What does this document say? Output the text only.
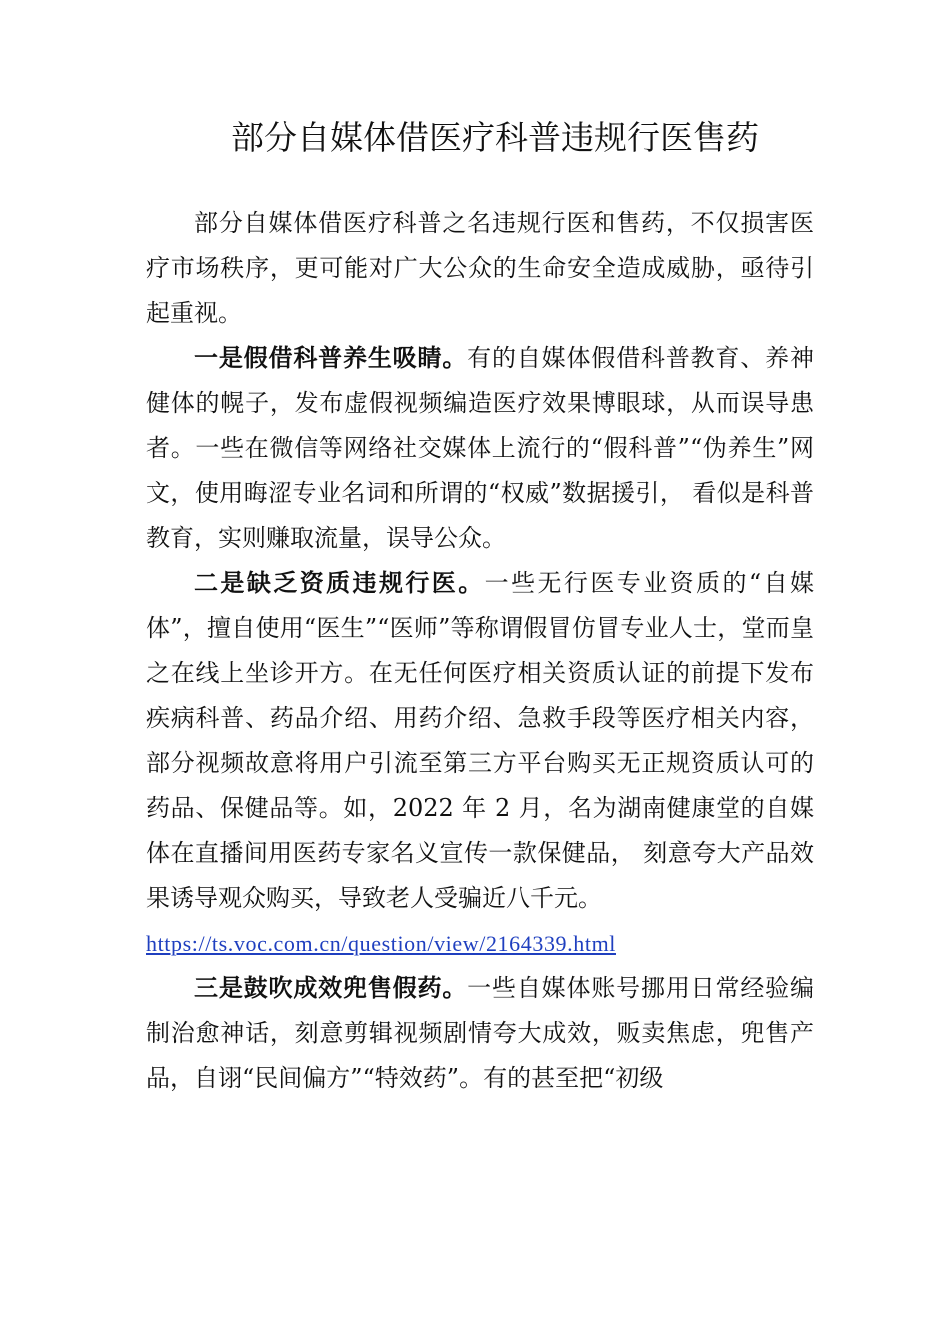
部分自媒体借医疗科普违规行医售药

部分自媒体借医疗科普之名违规行医和售药，不仅损害医疗市场秩序，更可能对广大公众的生命安全造成威胁，亟待引起重视。

一是假借科普养生吸睛。有的自媒体假借科普教育、养神健体的幌子，发布虚假视频编造医疗效果博眼球，从而误导患者。一些在微信等网络社交媒体上流行的“假科普”“伪养生”网文，使用晦涩专业名词和所谓的“权威”数据援引， 看似是科普教育，实则赚取流量，误导公众。

二是缺乏资质违规行医。一些无行医专业资质的“自媒体”，擅自使用“医生”“医师”等称谓假冒仿冒专业人士，堂而皇之在线上坐诊开方。在无任何医疗相关资质认证的前提下发布疾病科普、药品介绍、用药介绍、急救手段等医疗相关内容，部分视频故意将用户引流至第三方平台购买无正规资质认可的药品、保健品等。如，2022 年 2 月，名为湖南健康堂的自媒体在直播间用医药专家名义宣传一款保健品， 刻意夸大产品效果诱导观众购买，导致老人受骗近八千元。

https://ts.voc.com.cn/question/view/2164339.html

三是鼓吹成效兜售假药。一些自媒体账号挪用日常经验编制治愈神话，刻意剪辑视频剧情夸大成效，贩卖焦虑，兜售产品，自诩“民间偏方”“特效药”。有的甚至把“初级
